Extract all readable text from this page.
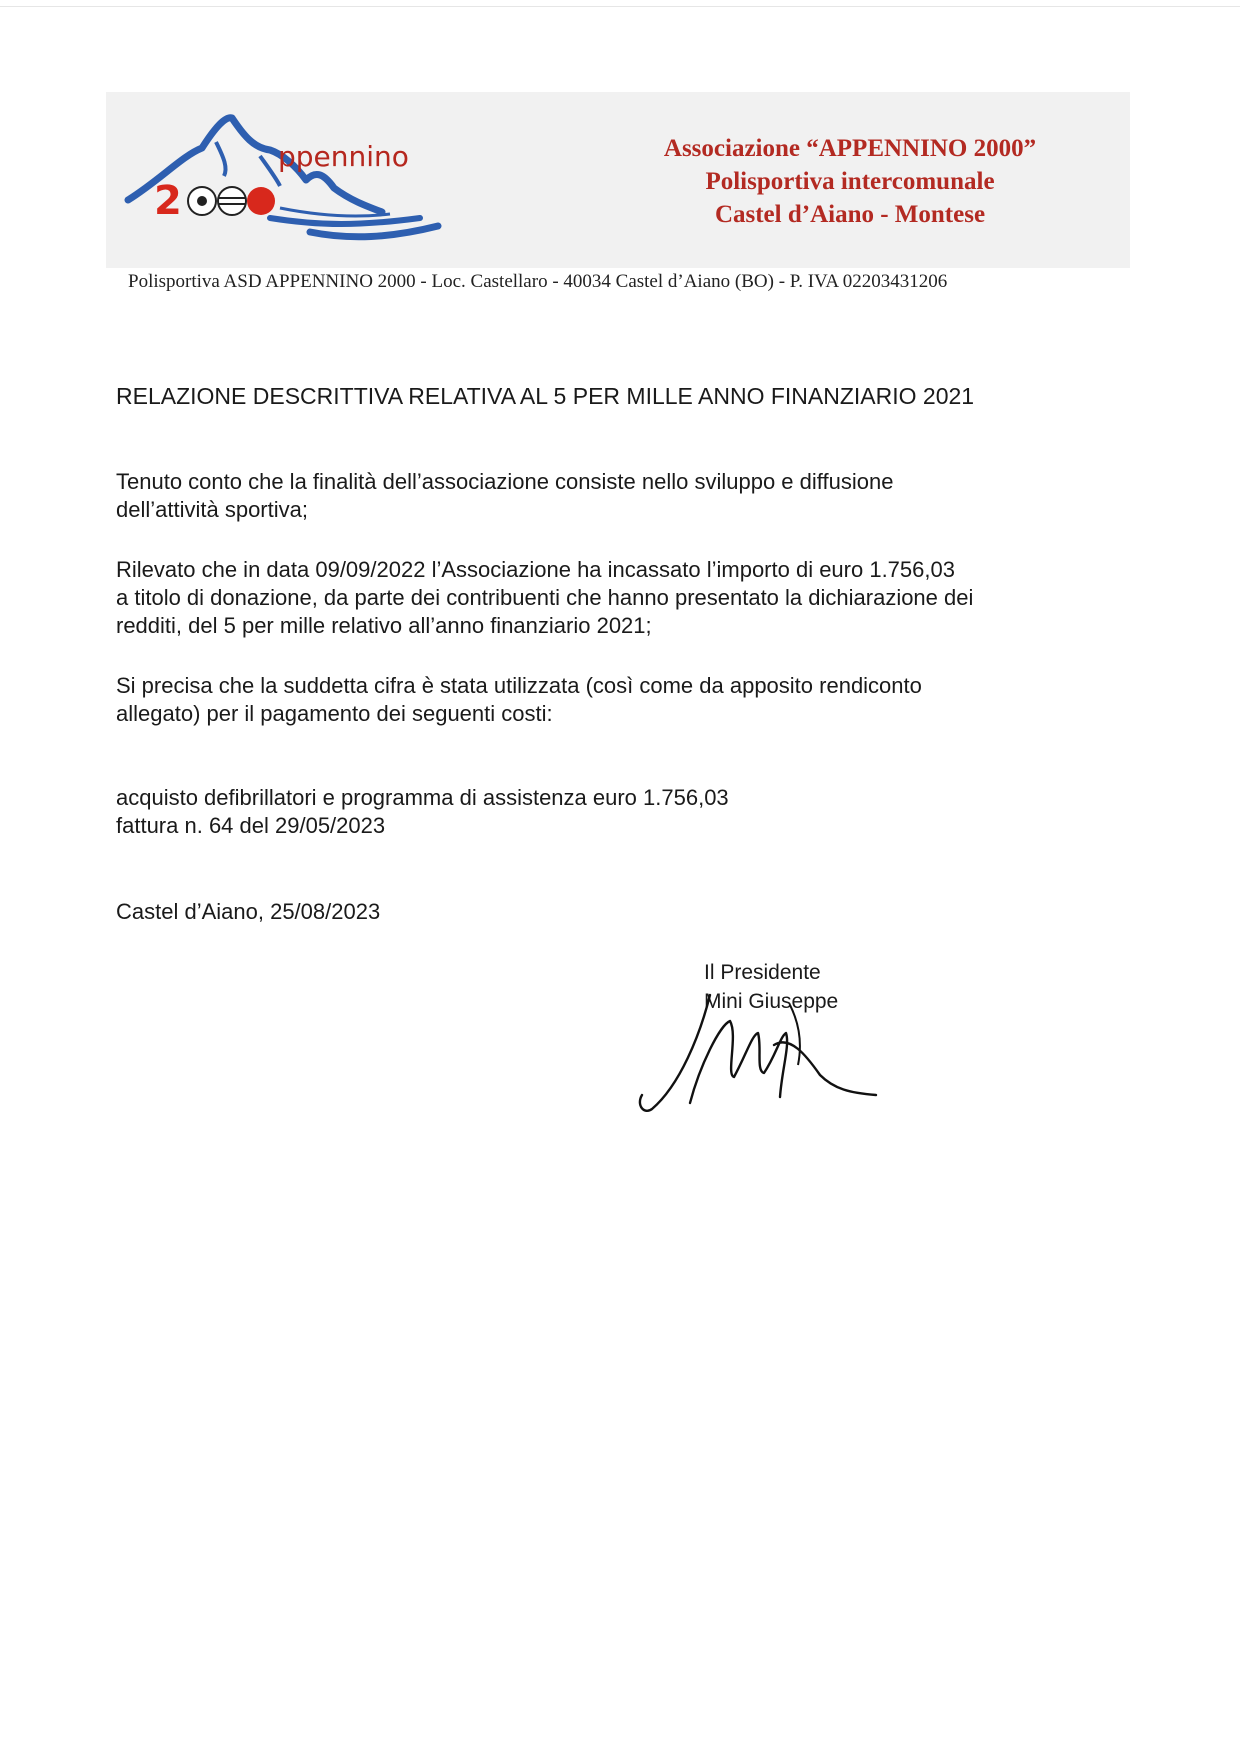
ppennino
2
Associazione “APPENNINO 2000”
Polisportiva intercomunale
Castel d’Aiano - Montese
Polisportiva ASD APPENNINO 2000 - Loc. Castellaro - 40034 Castel d’Aiano (BO) - P. IVA 02203431206
RELAZIONE DESCRITTIVA RELATIVA AL 5 PER MILLE ANNO FINANZIARIO 2021
Tenuto conto che la finalità dell’associazione consiste nello sviluppo e diffusione
dell’attività sportiva;
Rilevato che in data 09/09/2022 l’Associazione ha incassato l’importo di euro 1.756,03
a titolo di donazione, da parte dei contribuenti che hanno presentato la dichiarazione dei
redditi, del 5 per mille relativo all’anno finanziario 2021;
Si precisa che la suddetta cifra è stata utilizzata (così come da apposito rendiconto
allegato) per il pagamento dei seguenti costi:
acquisto defibrillatori e programma di assistenza euro 1.756,03
fattura n. 64 del 29/05/2023
Castel d’Aiano, 25/08/2023
Il Presidente
Mini Giuseppe
